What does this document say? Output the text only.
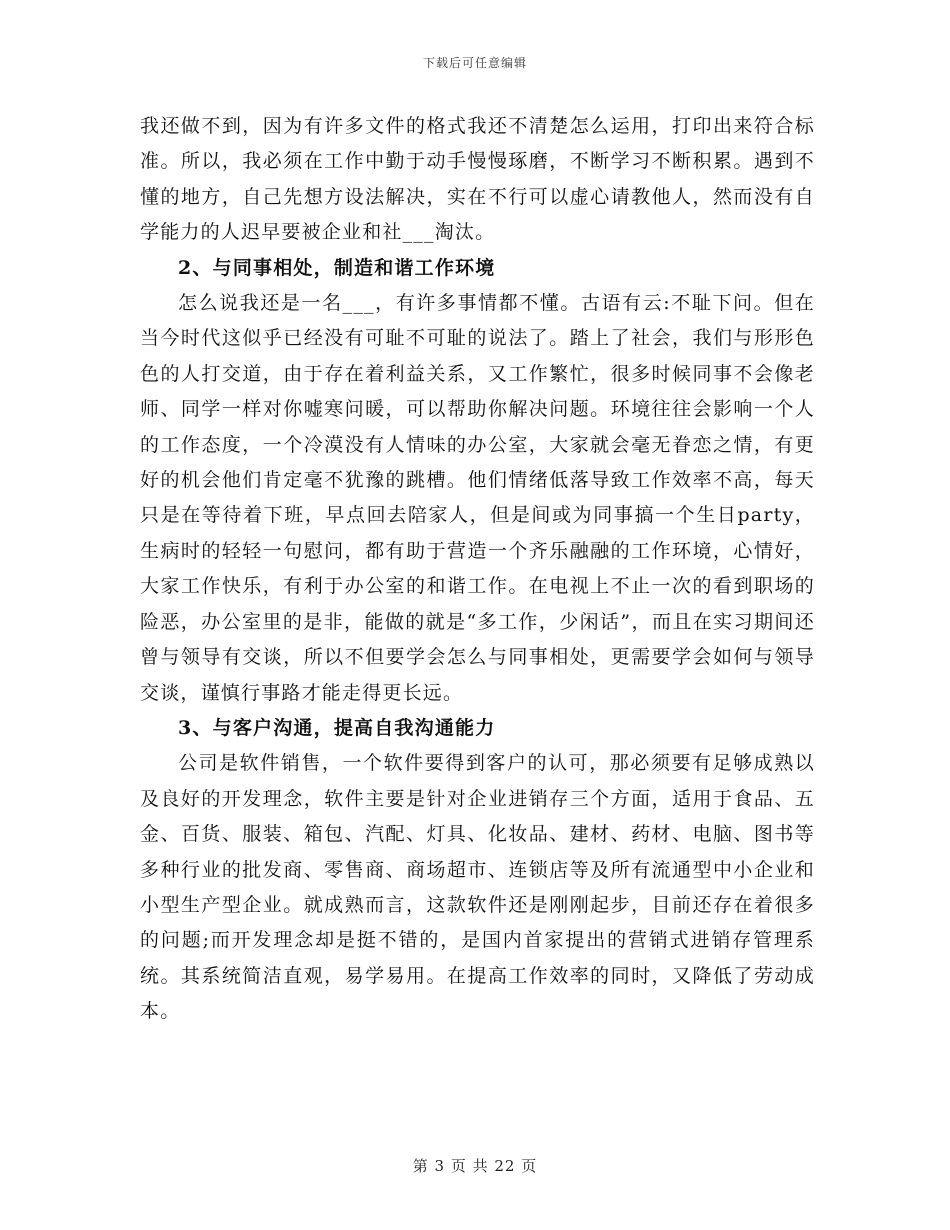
下载后可任意编辑

我还做不到，因为有许多文件的格式我还不清楚怎么运用，打印出来符合标准。所以，我必须在工作中勤于动手慢慢琢磨，不断学习不断积累。遇到不懂的地方，自己先想方设法解决，实在不行可以虚心请教他人，然而没有自学能力的人迟早要被企业和社___淘汰。

2、与同事相处，制造和谐工作环境

怎么说我还是一名___，有许多事情都不懂。古语有云:不耻下问。但在当今时代这似乎已经没有可耻不可耻的说法了。踏上了社会，我们与形形色色的人打交道，由于存在着利益关系，又工作繁忙，很多时候同事不会像老师、同学一样对你嘘寒问暖，可以帮助你解决问题。环境往往会影响一个人的工作态度，一个冷漠没有人情味的办公室，大家就会毫无眷恋之情，有更好的机会他们肯定毫不犹豫的跳槽。他们情绪低落导致工作效率不高，每天只是在等待着下班，早点回去陪家人，但是间或为同事搞一个生日party，生病时的轻轻一句慰问，都有助于营造一个齐乐融融的工作环境，心情好，大家工作快乐，有利于办公室的和谐工作。在电视上不止一次的看到职场的险恶，办公室里的是非，能做的就是“多工作，少闲话”，而且在实习期间还曾与领导有交谈，所以不但要学会怎么与同事相处，更需要学会如何与领导交谈，谨慎行事路才能走得更长远。

3、与客户沟通，提高自我沟通能力

公司是软件销售，一个软件要得到客户的认可，那必须要有足够成熟以及良好的开发理念，软件主要是针对企业进销存三个方面，适用于食品、五金、百货、服装、箱包、汽配、灯具、化妆品、建材、药材、电脑、图书等多种行业的批发商、零售商、商场超市、连锁店等及所有流通型中小企业和小型生产型企业。就成熟而言，这款软件还是刚刚起步，目前还存在着很多的问题;而开发理念却是挺不错的，是国内首家提出的营销式进销存管理系统。其系统简洁直观，易学易用。在提高工作效率的同时，又降低了劳动成本。

第 3 页 共 22 页
